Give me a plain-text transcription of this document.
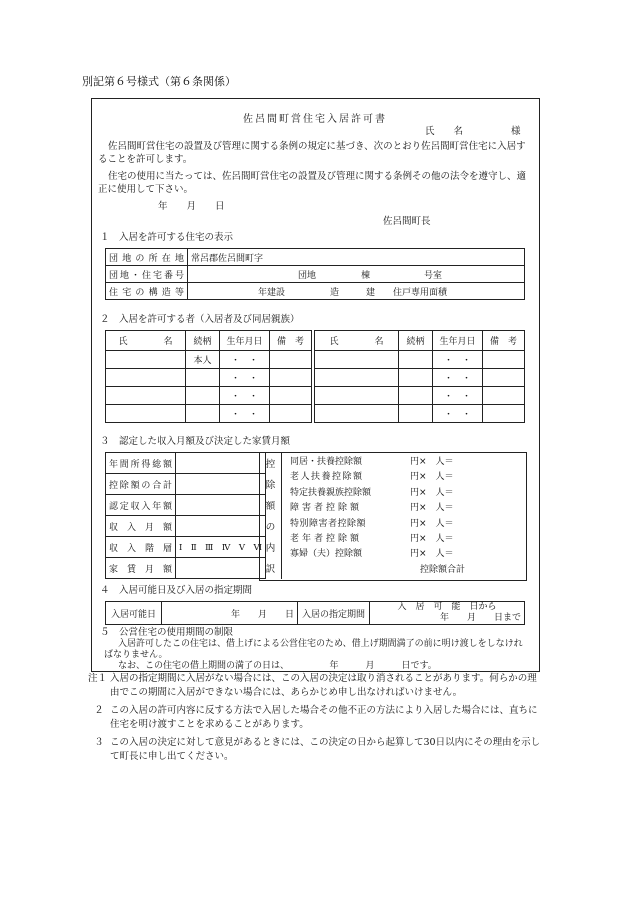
別記第６号様式（第６条関係）
佐呂間町営住宅入居許可書
氏　　名	様
佐呂間町営住宅の設置及び管理に関する条例の規定に基づき、次のとおり佐呂間町営住宅に入居することを許可します。
住宅の使用に当たっては、佐呂間町営住宅の設置及び管理に関する条例その他の法令を遵守し、適正に使用して下さい。
年　　月　　日
佐呂間町長
１　入居を許可する住宅の表示
団地の所在地	常呂郡佐呂間町字
団地・住宅番号	団地　　　　　棟　　　　　　号室
住宅の構造等	年建設　　　　　造　　　建　　住戸専用面積
２　入居を許可する者（入居者及び同居親族）
氏　　　　名	続柄	生年月日	備　考
	本人	・　・	
		・　・	
		・　・	
		・　・	
氏　　　　名	続柄	生年月日	備　考
		・　・	
		・　・	
		・　・	
		・　・	
３　認定した収入月額及び決定した家賃月額
年間所得総額	
控除額の合計	
認定収入年額	
収　入　月　額	
収入階層	Ⅰ　Ⅱ　Ⅲ　Ⅳ　Ⅴ　Ⅵ
家　賃　月　額	
控
除
額
の
内
訳
同居・扶養控除額	円×　人＝
老人扶養控除額	円×　人＝
特定扶養親族控除額	円×　人＝
障害者控除額	円×　人＝
特別障害者控除額	円×　人＝
老年者控除額	円×　人＝
寡婦（夫）控除額	円×　人＝
控除額合計
４　入居可能日及び入居の指定期間
入居可能日	年　　月　　日	入居の指定期間	
入　居　可　能　日から
年　　月　　日まで
５　公営住宅の使用期間の制限
入居許可したこの住宅は、借上げによる公営住宅のため、借上げ期間満了の前に明け渡しをしなければなりません。
なお、この住宅の借上期間の満了の日は、　　　　　年　　　月　　　日です。
注１ 入居の指定期間に入居がない場合には、この入居の決定は取り消されることがあります。何らかの理由でこの期間に入居ができない場合には、あらかじめ申し出なければいけません。
２ この入居の許可内容に反する方法で入居した場合その他不正の方法により入居した場合には、直ちに住宅を明け渡すことを求めることがあります。
３ この入居の決定に対して意見があるときには、この決定の日から起算して30日以内にその理由を示して町長に申し出てください。
